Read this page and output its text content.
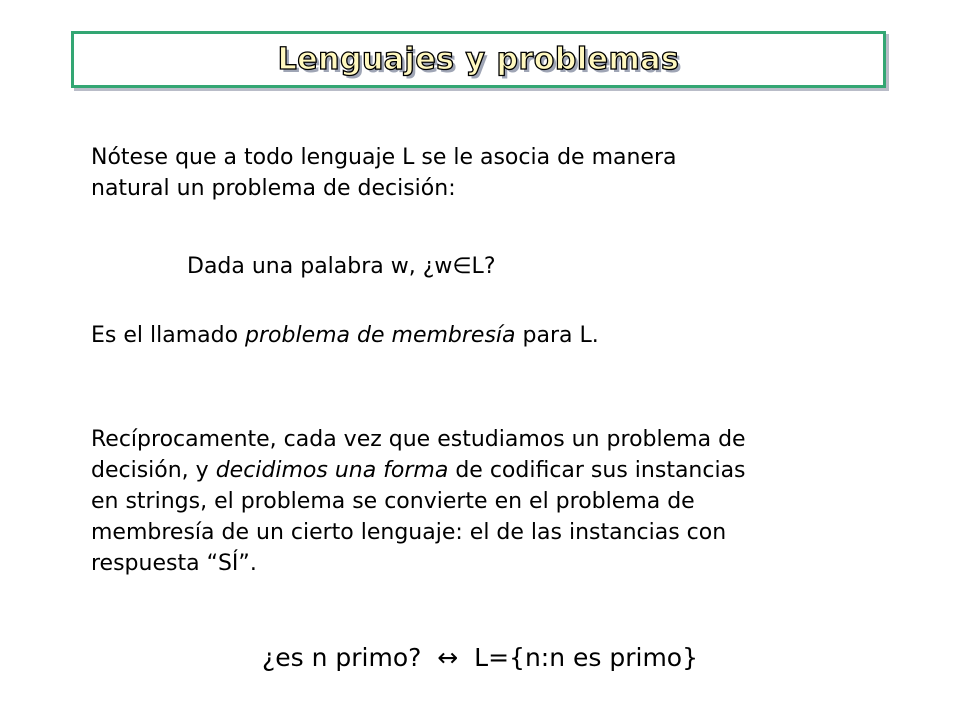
Lenguajes y problemas
Nótese que a todo lenguaje L se le asocia de manera
natural un problema de decisión:
Dada una palabra w, ¿w∈L?
Es el llamado problema de membresía para L.
Recíprocamente, cada vez que estudiamos un problema de
decisión, y decidimos una forma de codificar sus instancias
en strings, el problema se convierte en el problema de
membresía de un cierto lenguaje: el de las instancias con
respuesta “SÍ”.
¿es n primo?  ↔  L={n:n es primo}
